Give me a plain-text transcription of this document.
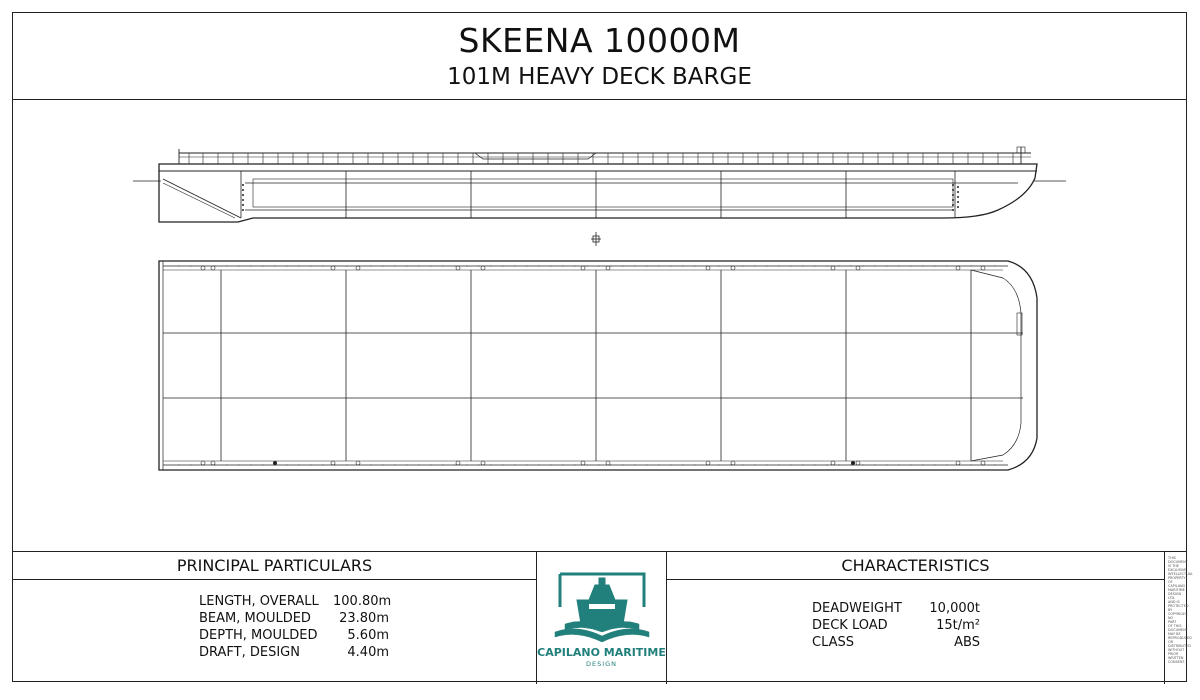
SKEENA 10000M
101M HEAVY DECK BARGE
PRINCIPAL PARTICULARS
LENGTH, OVERALL	100.80m
BEAM, MOULDED	23.80m
DEPTH, MOULDED	5.60m
DRAFT, DESIGN	4.40m	CAPILANO MARITIME
DESIGN
CHARACTERISTICS
DEADWEIGHT	10,000t
DECK LOAD	15t/m²
CLASS	ABS
THIS DOCUMENT IS THE EXCLUSIVE INTELLECTUAL PROPERTY OF CAPILANO MARITIME DESIGN LTD. AND IS PROTECTED BY COPYRIGHT. NO PART OF THIS DOCUMENT MAY BE REPRODUCED OR DISTRIBUTED WITHOUT PRIOR WRITTEN CONSENT.
